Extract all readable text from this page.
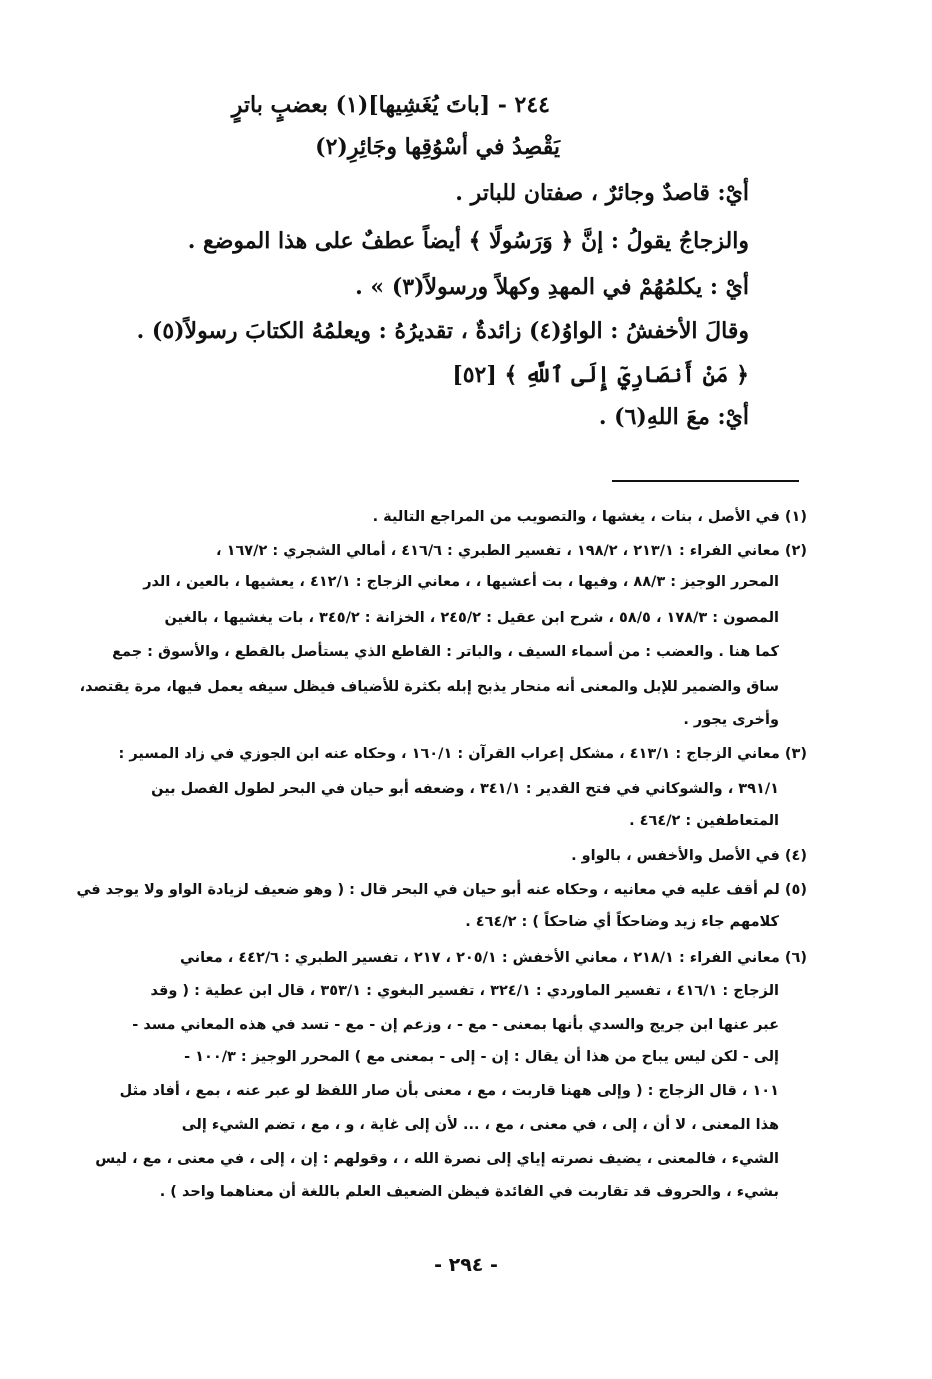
٢٤٤ - [باتَ يُغَشِيها](١) بعضبٍ باترٍ
يَقْصِدُ في أسْوُقِها وجَائِرِ(٢)
أيْ: قاصدٌ وجائرٌ ، صفتان للباتر .
والزجاجُ يقولُ : إنَّ ﴿ وَرَسُولًا ﴾ أيضاً عطفٌ على هذا الموضع .
أيْ : يكلمُهُمْ في المهدِ وكهلاً ورسولاً(٣) » .
وقالَ الأخفشُ : الواوُ(٤) زائدةٌ ، تقديرُهُ : ويعلمُهُ الكتابَ رسولاً(٥) .
﴿ مَنْ أَنصَارِيٓ إِلَى ٱللَّهِ ﴾ [٥٢]
أيْ: معَ اللهِ(٦) .
(١) في الأصل ، بنات ، يغشها ، والتصويب من المراجع التالية .
(٢) معاني الفراء : ٢١٣/١ ، ١٩٨/٢ ، تفسير الطبري : ٤١٦/٦ ، أمالي الشجري : ١٦٧/٢ ،
المحرر الوجيز : ٨٨/٣ ، وفيها ، بت أعشيها ، ، معاني الزجاج : ٤١٢/١ ، يعشيها ، بالعين ، الدر
المصون : ١٧٨/٣ ، ٥٨/٥ ، شرح ابن عقيل : ٢٤٥/٢ ، الخزانة : ٣٤٥/٢ ، بات يغشيها ، بالغين
كما هنا . والعضب : من أسماء السيف ، والباتر : القاطع الذي يستأصل بالقطع ، والأسوق : جمع
ساق والضمير للإبل والمعنى أنه منحار يذبح إبله بكثرة للأضياف فيظل سيفه يعمل فيها، مرة يقتصد،
وأخرى يجور .
(٣) معاني الزجاج : ٤١٣/١ ، مشكل إعراب القرآن : ١٦٠/١ ، وحكاه عنه ابن الجوزي في زاد المسير :
٣٩١/١ ، والشوكاني في فتح القدير : ٣٤١/١ ، وضعفه أبو حيان في البحر لطول الفصل بين
المتعاطفين : ٤٦٤/٢ .
(٤) في الأصل والأخفس ، بالواو .
(٥) لم أقف عليه في معانيه ، وحكاه عنه أبو حيان في البحر قال : ( وهو ضعيف لزيادة الواو ولا يوجد في
كلامهم جاء زيد وضاحكاً أي ضاحكاً ) : ٤٦٤/٢ .
(٦) معاني الفراء : ٢١٨/١ ، معاني الأخفش : ٢٠٥/١ ، ٢١٧ ، تفسير الطبري : ٤٤٢/٦ ، معاني
الزجاج : ٤١٦/١ ، تفسير الماوردي : ٣٢٤/١ ، تفسير البغوي : ٣٥٣/١ ، قال ابن عطية : ( وقد
عبر عنها ابن جريج والسدي بأنها بمعنى - مع - ، وزعم إن - مع - تسد في هذه المعاني مسد -
إلى - لكن ليس يباح من هذا أن يقال : إن - إلى - بمعنى مع ) المحرر الوجيز : ١٠٠/٣ -
١٠١ ، قال الزجاج : ( وإلى ههنا قاربت ، مع ، معنى بأن صار اللفظ لو عبر عنه ، بمع ، أفاد مثل
هذا المعنى ، لا أن ، إلى ، في معنى ، مع ، ... لأن إلى غاية ، و ، مع ، تضم الشيء إلى
الشيء ، فالمعنى ، يضيف نصرته إياي إلى نصرة الله ، ، وقولهم : إن ، إلى ، في معنى ، مع ، ليس
بشيء ، والحروف قد تقاربت في الفائدة فيظن الضعيف العلم باللغة أن معناهما واحد ) .
- ٢٩٤ -
